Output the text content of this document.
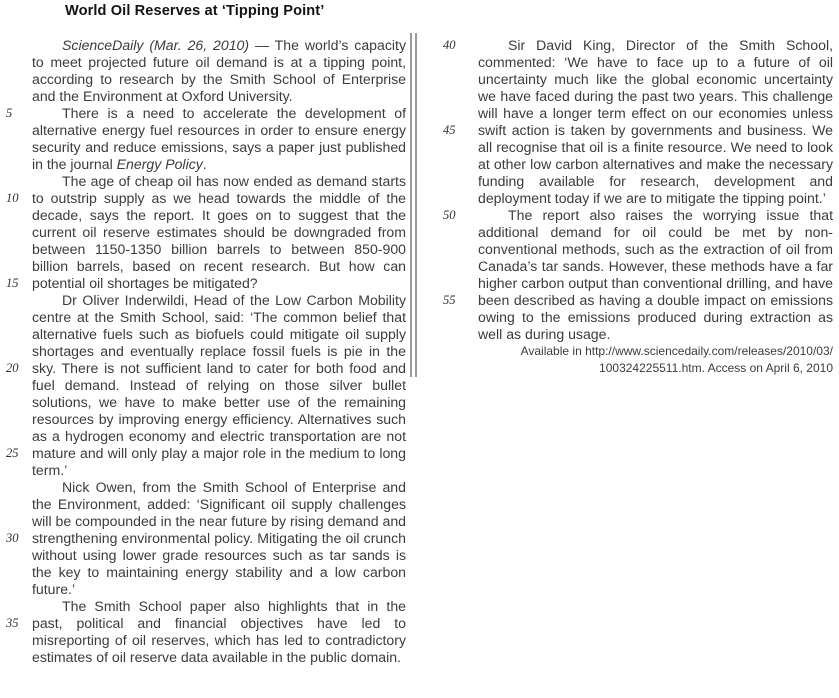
World Oil Reserves at ‘Tipping Point’

ScienceDaily (Mar. 26, 2010) — The world’s capacity to meet projected future oil demand is at a tipping point, according to research by the Smith School of Enterprise and the Environment at Oxford University.

There is a need to accelerate the development of alternative energy fuel resources in order to ensure energy security and reduce emissions, says a paper just published in the journal Energy Policy.

The age of cheap oil has now ended as demand starts to outstrip supply as we head towards the middle of the decade, says the report. It goes on to suggest that the current oil reserve estimates should be downgraded from between 1150-1350 billion barrels to between 850-900 billion barrels, based on recent research. But how can potential oil shortages be mitigated?

Dr Oliver Inderwildi, Head of the Low Carbon Mobility centre at the Smith School, said: ‘The common belief that alternative fuels such as biofuels could mitigate oil supply shortages and eventually replace fossil fuels is pie in the sky. There is not sufficient land to cater for both food and fuel demand. Instead of relying on those silver bullet solutions, we have to make better use of the remaining resources by improving energy efficiency. Alternatives such as a hydrogen economy and electric transportation are not mature and will only play a major role in the medium to long term.’

Nick Owen, from the Smith School of Enterprise and the Environment, added: ‘Significant oil supply challenges will be compounded in the near future by rising demand and strengthening environmental policy. Mitigating the oil crunch without using lower grade resources such as tar sands is the key to maintaining energy stability and a low carbon future.’

The Smith School paper also highlights that in the past, political and financial objectives have led to misreporting of oil reserves, which has led to contradictory estimates of oil reserve data available in the public domain.

Sir David King, Director of the Smith School, commented: ‘We have to face up to a future of oil uncertainty much like the global economic uncertainty we have faced during the past two years. This challenge will have a longer term effect on our economies unless swift action is taken by governments and business. We all recognise that oil is a finite resource. We need to look at other low carbon alternatives and make the necessary funding available for research, development and deployment today if we are to mitigate the tipping point.’

The report also raises the worrying issue that additional demand for oil could be met by non-conventional methods, such as the extraction of oil from Canada’s tar sands. However, these methods have a far higher carbon output than conventional drilling, and have been described as having a double impact on emissions owing to the emissions produced during extraction as well as during usage.

Available in http://www.sciencedaily.com/releases/2010/03/
100324225511.htm. Access on April 6, 2010
5
10
15
20
25
30
35
40
45
50
55
